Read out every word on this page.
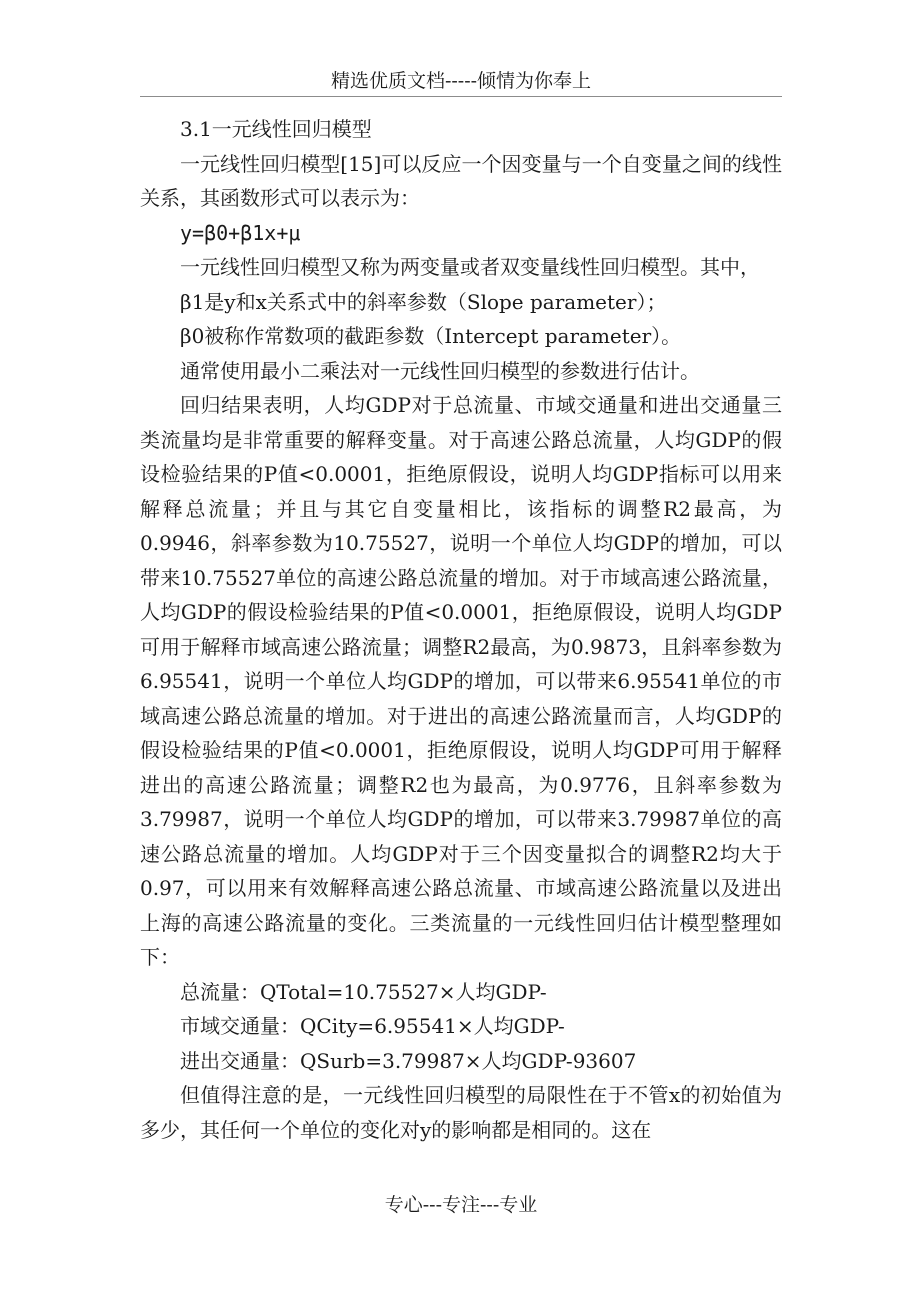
精选优质文档-----倾情为你奉上

3.1一元线性回归模型

一元线性回归模型[15]可以反应一个因变量与一个自变量之间的线性关系，其函数形式可以表示为：

y=β0+β1x+μ

一元线性回归模型又称为两变量或者双变量线性回归模型。其中，

β1是y和x关系式中的斜率参数（Slope parameter）；

β0被称作常数项的截距参数（Intercept parameter）。

通常使用最小二乘法对一元线性回归模型的参数进行估计。

回归结果表明，人均GDP对于总流量、市域交通量和进出交通量三类流量均是非常重要的解释变量。对于高速公路总流量，人均GDP的假设检验结果的P值<0.0001，拒绝原假设，说明人均GDP指标可以用来解释总流量；并且与其它自变量相比，该指标的调整R2最高，为0.9946，斜率参数为10.75527，说明一个单位人均GDP的增加，可以带来10.75527单位的高速公路总流量的增加。对于市域高速公路流量，人均GDP的假设检验结果的P值<0.0001，拒绝原假设，说明人均GDP可用于解释市域高速公路流量；调整R2最高，为0.9873，且斜率参数为6.95541，说明一个单位人均GDP的增加，可以带来6.95541单位的市域高速公路总流量的增加。对于进出的高速公路流量而言，人均GDP的假设检验结果的P值<0.0001，拒绝原假设，说明人均GDP可用于解释进出的高速公路流量；调整R2也为最高，为0.9776，且斜率参数为3.79987，说明一个单位人均GDP的增加，可以带来3.79987单位的高速公路总流量的增加。人均GDP对于三个因变量拟合的调整R2均大于0.97，可以用来有效解释高速公路总流量、市域高速公路流量以及进出上海的高速公路流量的变化。三类流量的一元线性回归估计模型整理如下：

总流量：QTotal=10.75527×人均GDP-

市域交通量：QCity=6.95541×人均GDP-

进出交通量：QSurb=3.79987×人均GDP-93607

但值得注意的是，一元线性回归模型的局限性在于不管x的初始值为多少，其任何一个单位的变化对y的影响都是相同的。这在

专心---专注---专业
